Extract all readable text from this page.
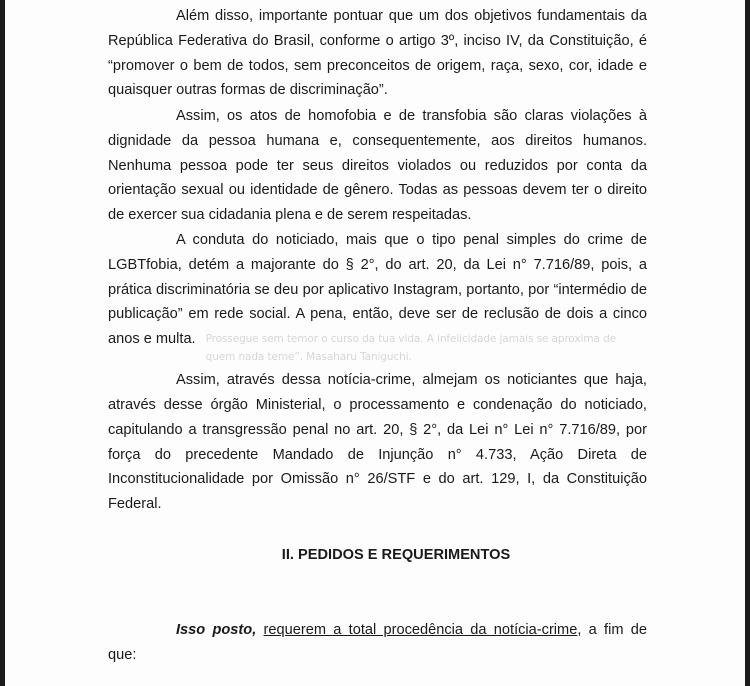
Além disso, importante pontuar que um dos objetivos fundamentais da República Federativa do Brasil, conforme o artigo 3º, inciso IV, da Constituição, é “promover o bem de todos, sem preconceitos de origem, raça, sexo, cor, idade e quaisquer outras formas de discriminação”.

Assim, os atos de homofobia e de transfobia são claras violações à dignidade da pessoa humana e, consequentemente, aos direitos humanos. Nenhuma pessoa pode ter seus direitos violados ou reduzidos por conta da orientação sexual ou identidade de gênero. Todas as pessoas devem ter o direito de exercer sua cidadania plena e de serem respeitadas.

A conduta do noticiado, mais que o tipo penal simples do crime de LGBTfobia, detém a majorante do § 2°, do art. 20, da Lei n° 7.716/89, pois, a prática discriminatória se deu por aplicativo Instagram, portanto, por “intermédio de publicação” em rede social. A pena, então, deve ser de reclusão de dois a cinco anos e multa. Prossegue sem temor o curso da tua vida. A infelicidade jamais se aproxima de quem nada teme”. Masaharu Taniguchi.

Assim, através dessa notícia-crime, almejam os noticiantes que haja, através desse órgão Ministerial, o processamento e condenação do noticiado, capitulando a transgressão penal no art. 20, § 2°, da Lei n° Lei n° 7.716/89, por força do precedente Mandado de Injunção n° 4.733, Ação Direta de Inconstitucionalidade por Omissão n° 26/STF e do art. 129, I, da Constituição Federal.

II. PEDIDOS E REQUERIMENTOS

Isso posto, requerem a total procedência da notícia-crime, a fim de que:
